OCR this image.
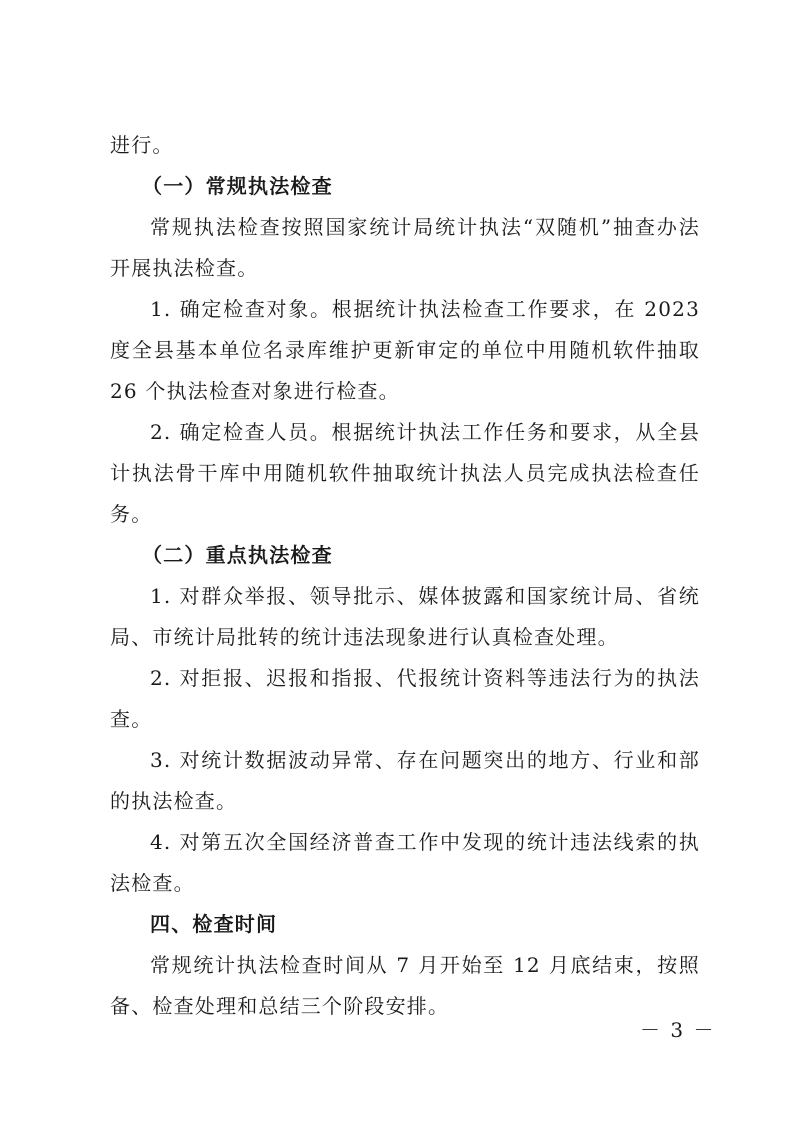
进行。
（一）常规执法检查
常规执法检查按照国家统计局统计执法“双随机”抽查办法
开展执法检查。
1. 确定检查对象。根据统计执法检查工作要求，在 2023
度全县基本单位名录库维护更新审定的单位中用随机软件抽取
26 个执法检查对象进行检查。
2. 确定检查人员。根据统计执法工作任务和要求，从全县
计执法骨干库中用随机软件抽取统计执法人员完成执法检查任
务。
（二）重点执法检查
1. 对群众举报、领导批示、媒体披露和国家统计局、省统
局、市统计局批转的统计违法现象进行认真检查处理。
2. 对拒报、迟报和指报、代报统计资料等违法行为的执法
查。
3. 对统计数据波动异常、存在问题突出的地方、行业和部
的执法检查。
4. 对第五次全国经济普查工作中发现的统计违法线索的执
法检查。
四、检查时间
常规统计执法检查时间从 7 月开始至 12 月底结束，按照
备、检查处理和总结三个阶段安排。
－ 3 －
